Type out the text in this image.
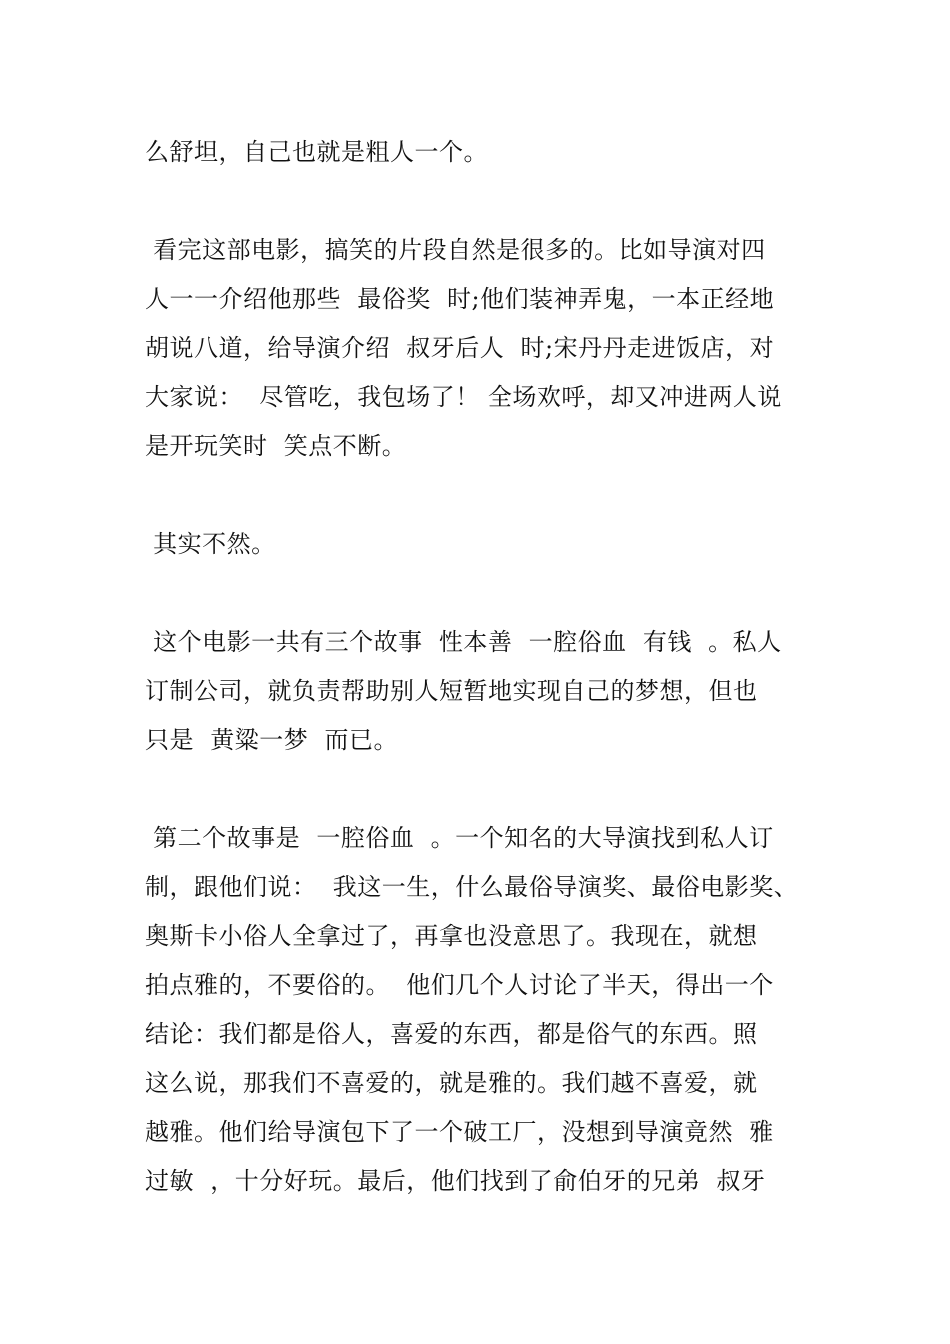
么舒坦，自己也就是粗人一个。
看完这部电影，搞笑的片段自然是很多的。比如导演对四
人一一介绍他那些  最俗奖  时;他们装神弄鬼，一本正经地
胡说八道，给导演介绍  叔牙后人  时;宋丹丹走进饭店，对
大家说：  尽管吃，我包场了！ 全场欢呼，却又冲进两人说
是开玩笑时  笑点不断。
其实不然。
这个电影一共有三个故事  性本善  一腔俗血  有钱  。私人
订制公司，就负责帮助别人短暂地实现自己的梦想，但也
只是  黄粱一梦  而已。
第二个故事是  一腔俗血  。一个知名的大导演找到私人订
制，跟他们说：  我这一生，什么最俗导演奖、最俗电影奖、
奥斯卡小俗人全拿过了，再拿也没意思了。我现在，就想
拍点雅的，不要俗的。  他们几个人讨论了半天，得出一个
结论：我们都是俗人，喜爱的东西，都是俗气的东西。照
这么说，那我们不喜爱的，就是雅的。我们越不喜爱，就
越雅。他们给导演包下了一个破工厂，没想到导演竟然  雅
过敏  ，十分好玩。最后，他们找到了俞伯牙的兄弟  叔牙
